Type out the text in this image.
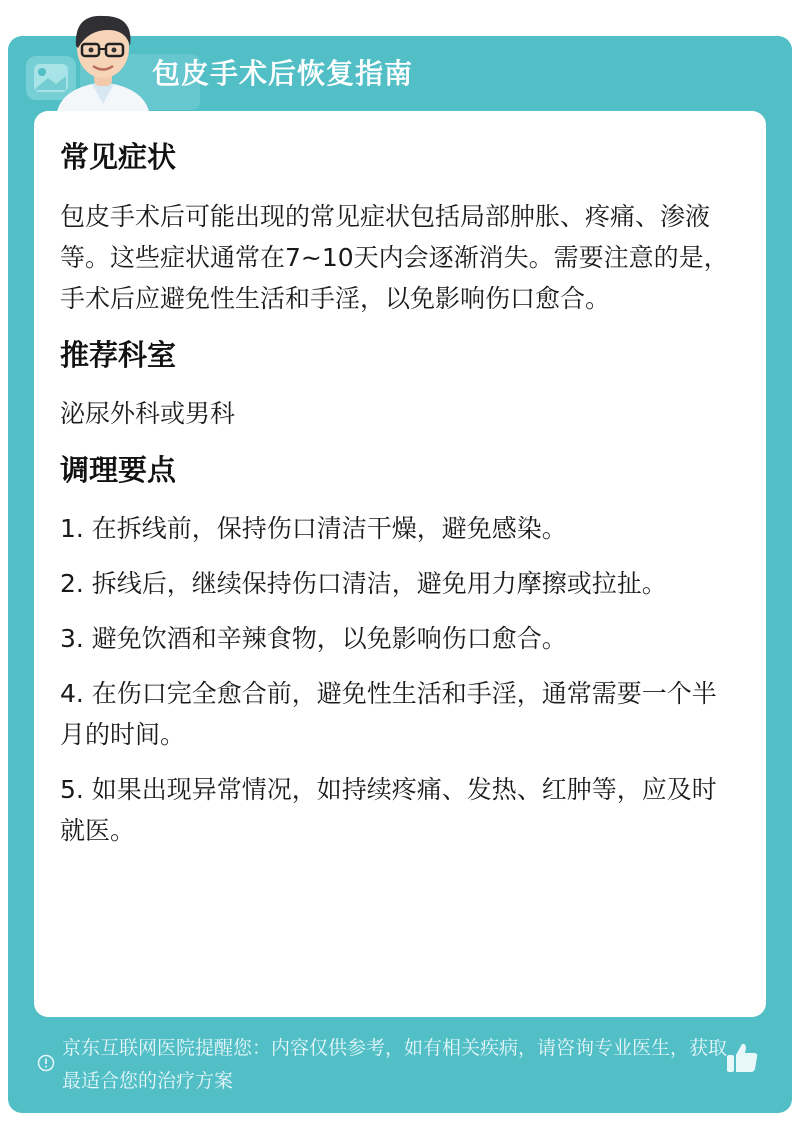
包皮手术后恢复指南
常见症状

包皮手术后可能出现的常见症状包括局部肿胀、疼痛、渗液等。这些症状通常在7~10天内会逐渐消失。需要注意的是，手术后应避免性生活和手淫，以免影响伤口愈合。

推荐科室

泌尿外科或男科

调理要点

1. 在拆线前，保持伤口清洁干燥，避免感染。

2. 拆线后，继续保持伤口清洁，避免用力摩擦或拉扯。

3. 避免饮酒和辛辣食物，以免影响伤口愈合。

4. 在伤口完全愈合前，避免性生活和手淫，通常需要一个半月的时间。

5. 如果出现异常情况，如持续疼痛、发热、红肿等，应及时就医。

京东互联网医院提醒您：内容仅供参考，如有相关疾病，请咨询专业医生，获取最适合您的治疗方案
